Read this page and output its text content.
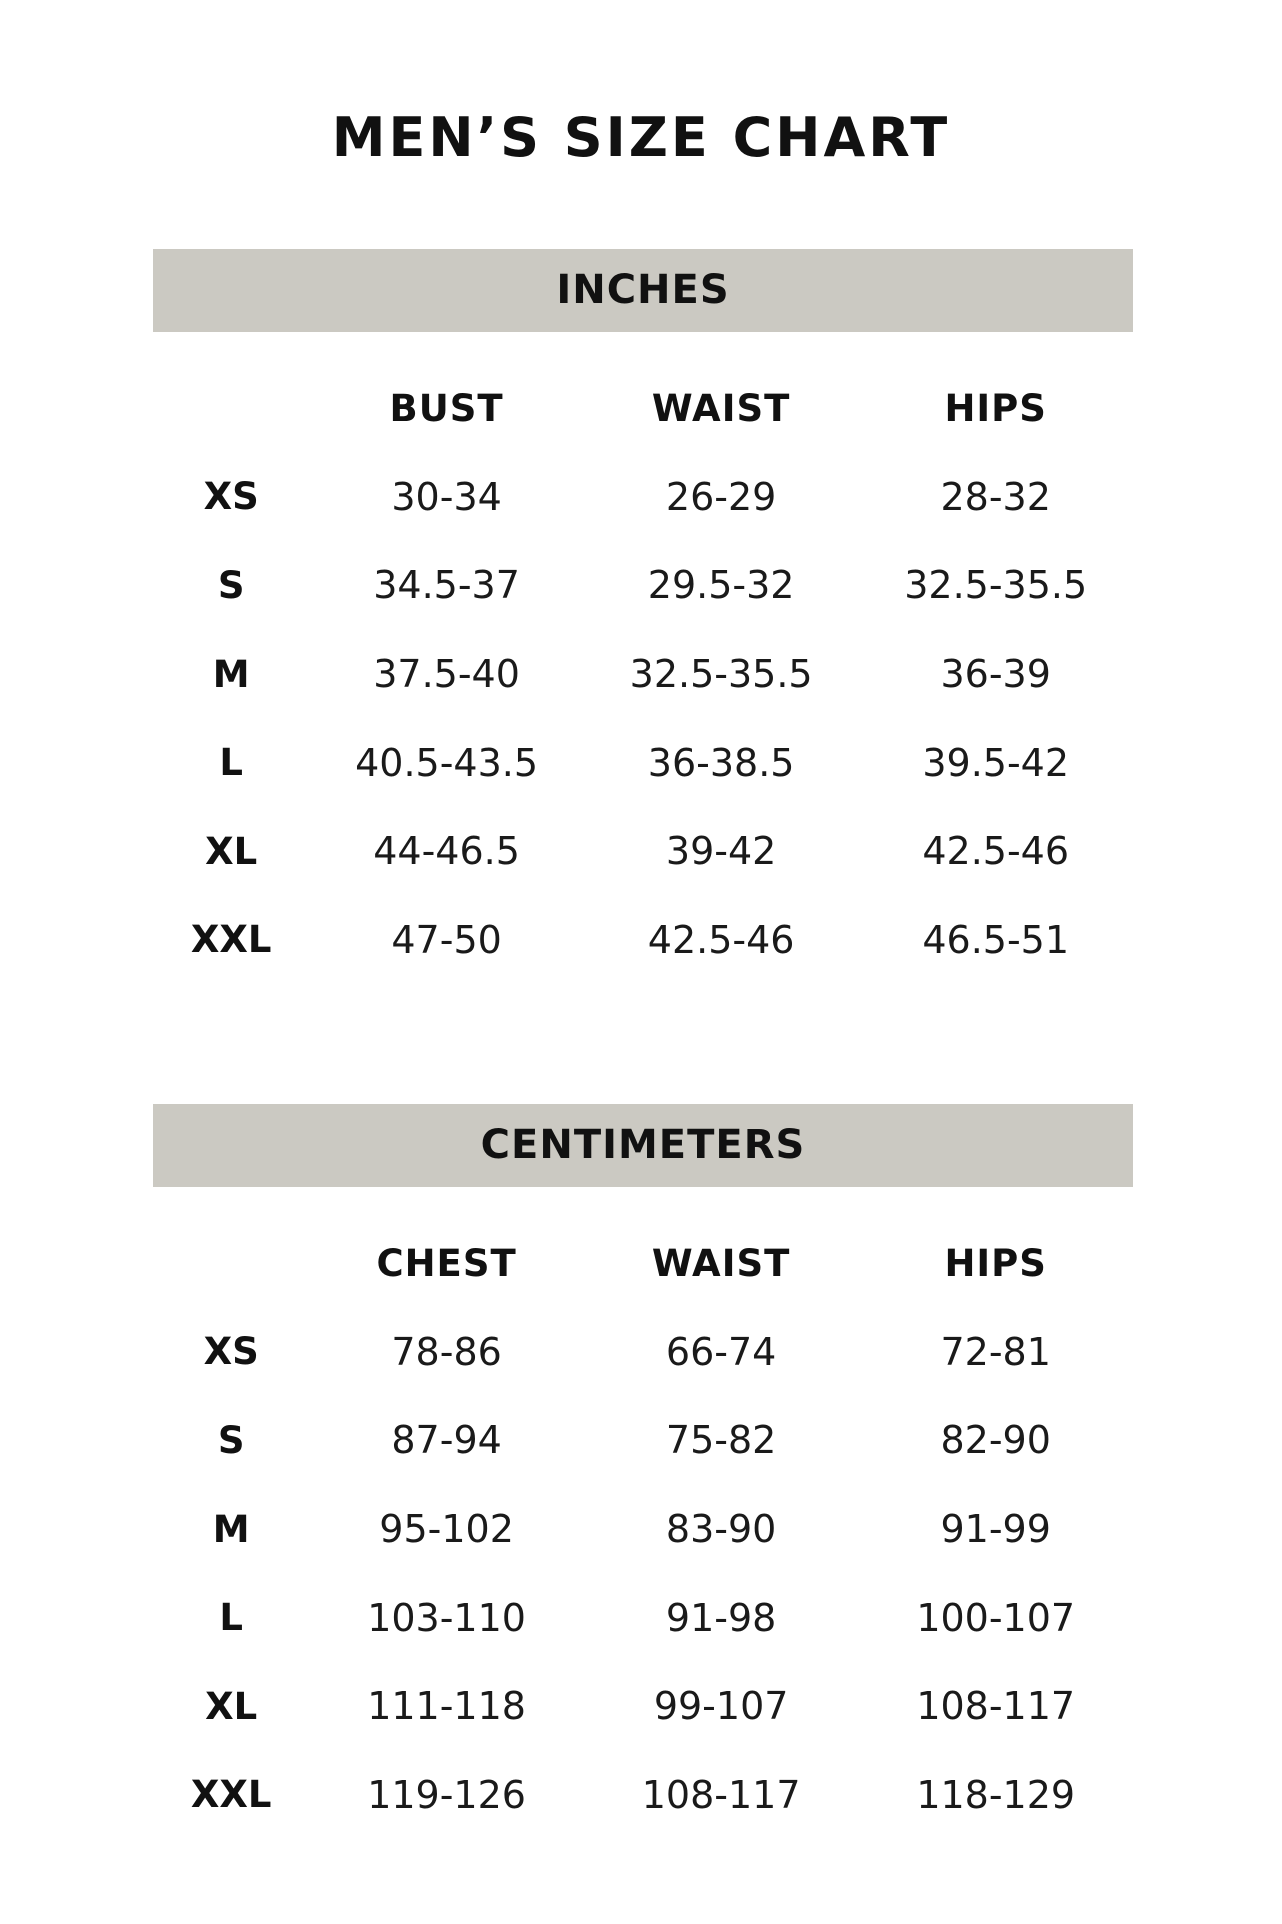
MEN’S SIZE CHART
INCHES
	BUST	WAIST	HIPS
XS	30-34	26-29	28-32
S	34.5-37	29.5-32	32.5-35.5
M	37.5-40	32.5-35.5	36-39
L	40.5-43.5	36-38.5	39.5-42
XL	44-46.5	39-42	42.5-46
XXL	47-50	42.5-46	46.5-51
CENTIMETERS
	CHEST	WAIST	HIPS
XS	78-86	66-74	72-81
S	87-94	75-82	82-90
M	95-102	83-90	91-99
L	103-110	91-98	100-107
XL	111-118	99-107	108-117
XXL	119-126	108-117	118-129
